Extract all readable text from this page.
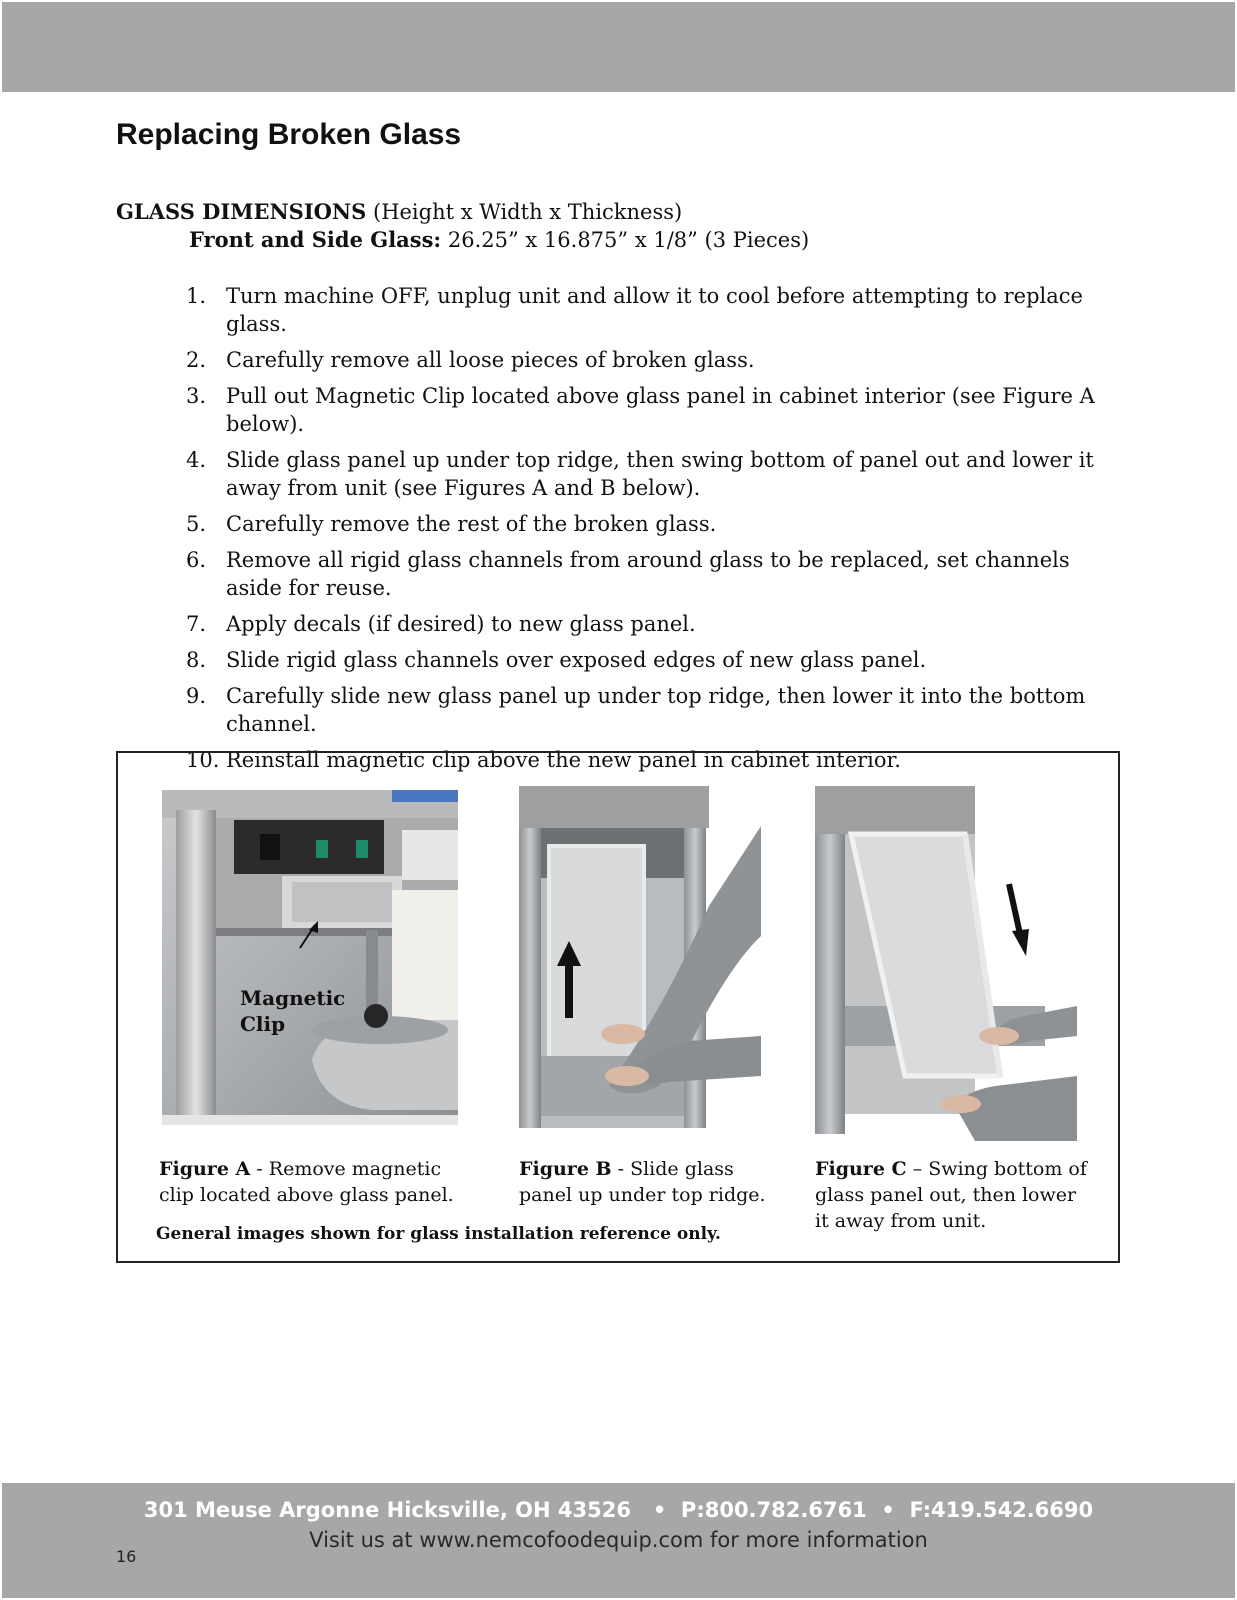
Replacing Broken Glass
GLASS DIMENSIONS (Height x Width x Thickness)
Front and Side Glass: 26.25” x 16.875” x 1/8” (3 Pieces)
1. Turn machine OFF, unplug unit and allow it to cool before attempting to replace glass.
2. Carefully remove all loose pieces of broken glass.
3. Pull out Magnetic Clip located above glass panel in cabinet interior (see Figure A below).
4. Slide glass panel up under top ridge, then swing bottom of panel out and lower it away from unit (see Figures A and B below).
5. Carefully remove the rest of the broken glass.
6. Remove all rigid glass channels from around glass to be replaced, set channels aside for reuse.
7. Apply decals (if desired) to new glass panel.
8. Slide rigid glass channels over exposed edges of new glass panel.
9. Carefully slide new glass panel up under top ridge, then lower it into the bottom channel.
10. Reinstall magnetic clip above the new panel in cabinet interior.
Magnetic
Clip
Figure A - Remove magnetic clip located above glass panel.
Figure B - Slide glass panel up under top ridge.
Figure C – Swing bottom of glass panel out, then lower it away from unit.
General images shown for glass installation reference only.
301 Meuse Argonne Hicksville, OH 43526   •  P:800.782.6761  •  F:419.542.6690
Visit us at www.nemcofoodequip.com for more information
16
